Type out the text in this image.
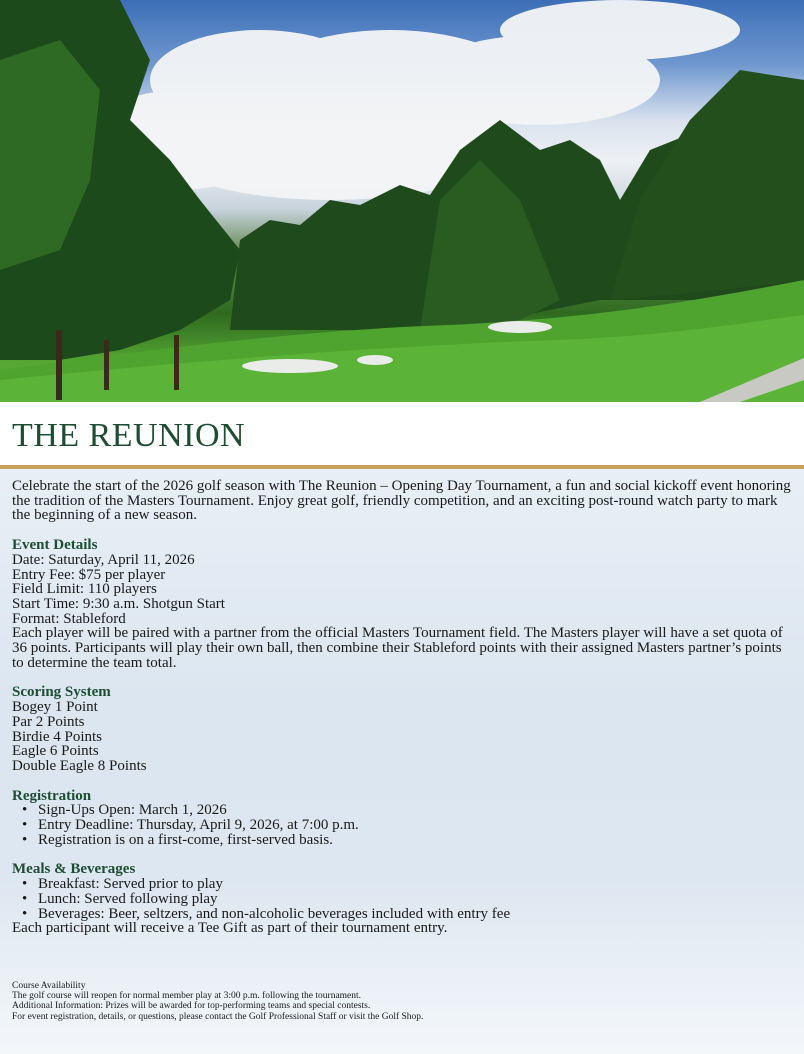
THE REUNION

Celebrate the start of the 2026 golf season with The Reunion – Opening Day Tournament, a fun and social kickoff event honoring the tradition of the Masters Tournament. Enjoy great golf, friendly competition, and an exciting post-round watch party to mark the beginning of a new season.

Event Details
Date: Saturday, April 11, 2026
Entry Fee: $75 per player
Field Limit: 110 players
Start Time: 9:30 a.m. Shotgun Start
Format: Stableford
Each player will be paired with a partner from the official Masters Tournament field. The Masters player will have a set quota of 36 points. Participants will play their own ball, then combine their Stableford points with their assigned Masters partner’s points to determine the team total.
Scoring System
Bogey 1 Point
Par 2 Points
Birdie 4 Points
Eagle 6 Points
Double Eagle 8 Points
Registration
• Sign-Ups Open: March 1, 2026
• Entry Deadline: Thursday, April 9, 2026, at 7:00 p.m.
• Registration is on a first-come, first-served basis.
Meals & Beverages
• Breakfast: Served prior to play
• Lunch: Served following play
• Beverages: Beer, seltzers, and non-alcoholic beverages included with entry fee
Each participant will receive a Tee Gift as part of their tournament entry.
Course Availability
The golf course will reopen for normal member play at 3:00 p.m. following the tournament.
Additional Information: Prizes will be awarded for top-performing teams and special contests.
For event registration, details, or questions, please contact the Golf Professional Staff or visit the Golf Shop.
